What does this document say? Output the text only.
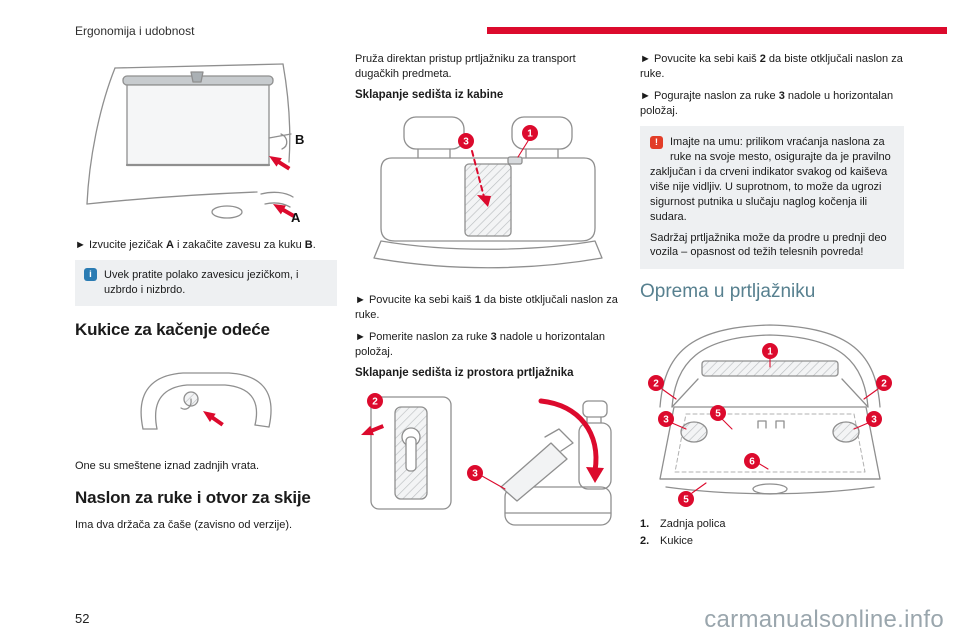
Ergonomija i udobnost
B
A

► Izvucite jezičak A i zakačite zavesu za kuku B.

i	Uvek pratite polako zavesicu jezičkom, i uzbrdo i nizbrdo.

Kukice za kačenje odeće

One su smeštene iznad zadnjih vrata.

Naslon za ruke i otvor za skije

Ima dva držača za čaše (zavisno od verzije).

Pruža direktan pristup prtljažniku za transport dugačkih predmeta.

Sklapanje sedišta iz kabine
1
3

► Povucite ka sebi kaiš 1 da biste otključali naslon za ruke.

► Pomerite naslon za ruke 3 nadole u horizontalan položaj.

Sklapanje sedišta iz prostora prtljažnika
2
3

► Povucite ka sebi kaiš 2 da biste otključali naslon za ruke.

► Pogurajte naslon za ruke 3 nadole u horizontalan položaj.

!	Imajte na umu: prilikom vraćanja naslona za ruke na svoje mesto, osigurajte da je pravilno zaključan i da crveni indikator svakog od kaiševa više nije vidljiv. U suprotnom, to može da ugrozi sigurnost putnika u slučaju naglog kočenja ili sudara.

Sadržaj prtljažnika može da prodre u prednji deo vozila – opasnost od težih telesnih povreda!

Oprema u prtljažniku
1
2	2
3	3
5
5
6
1. Zadnja polica
2. Kukice
52	carmanualsonline.info
